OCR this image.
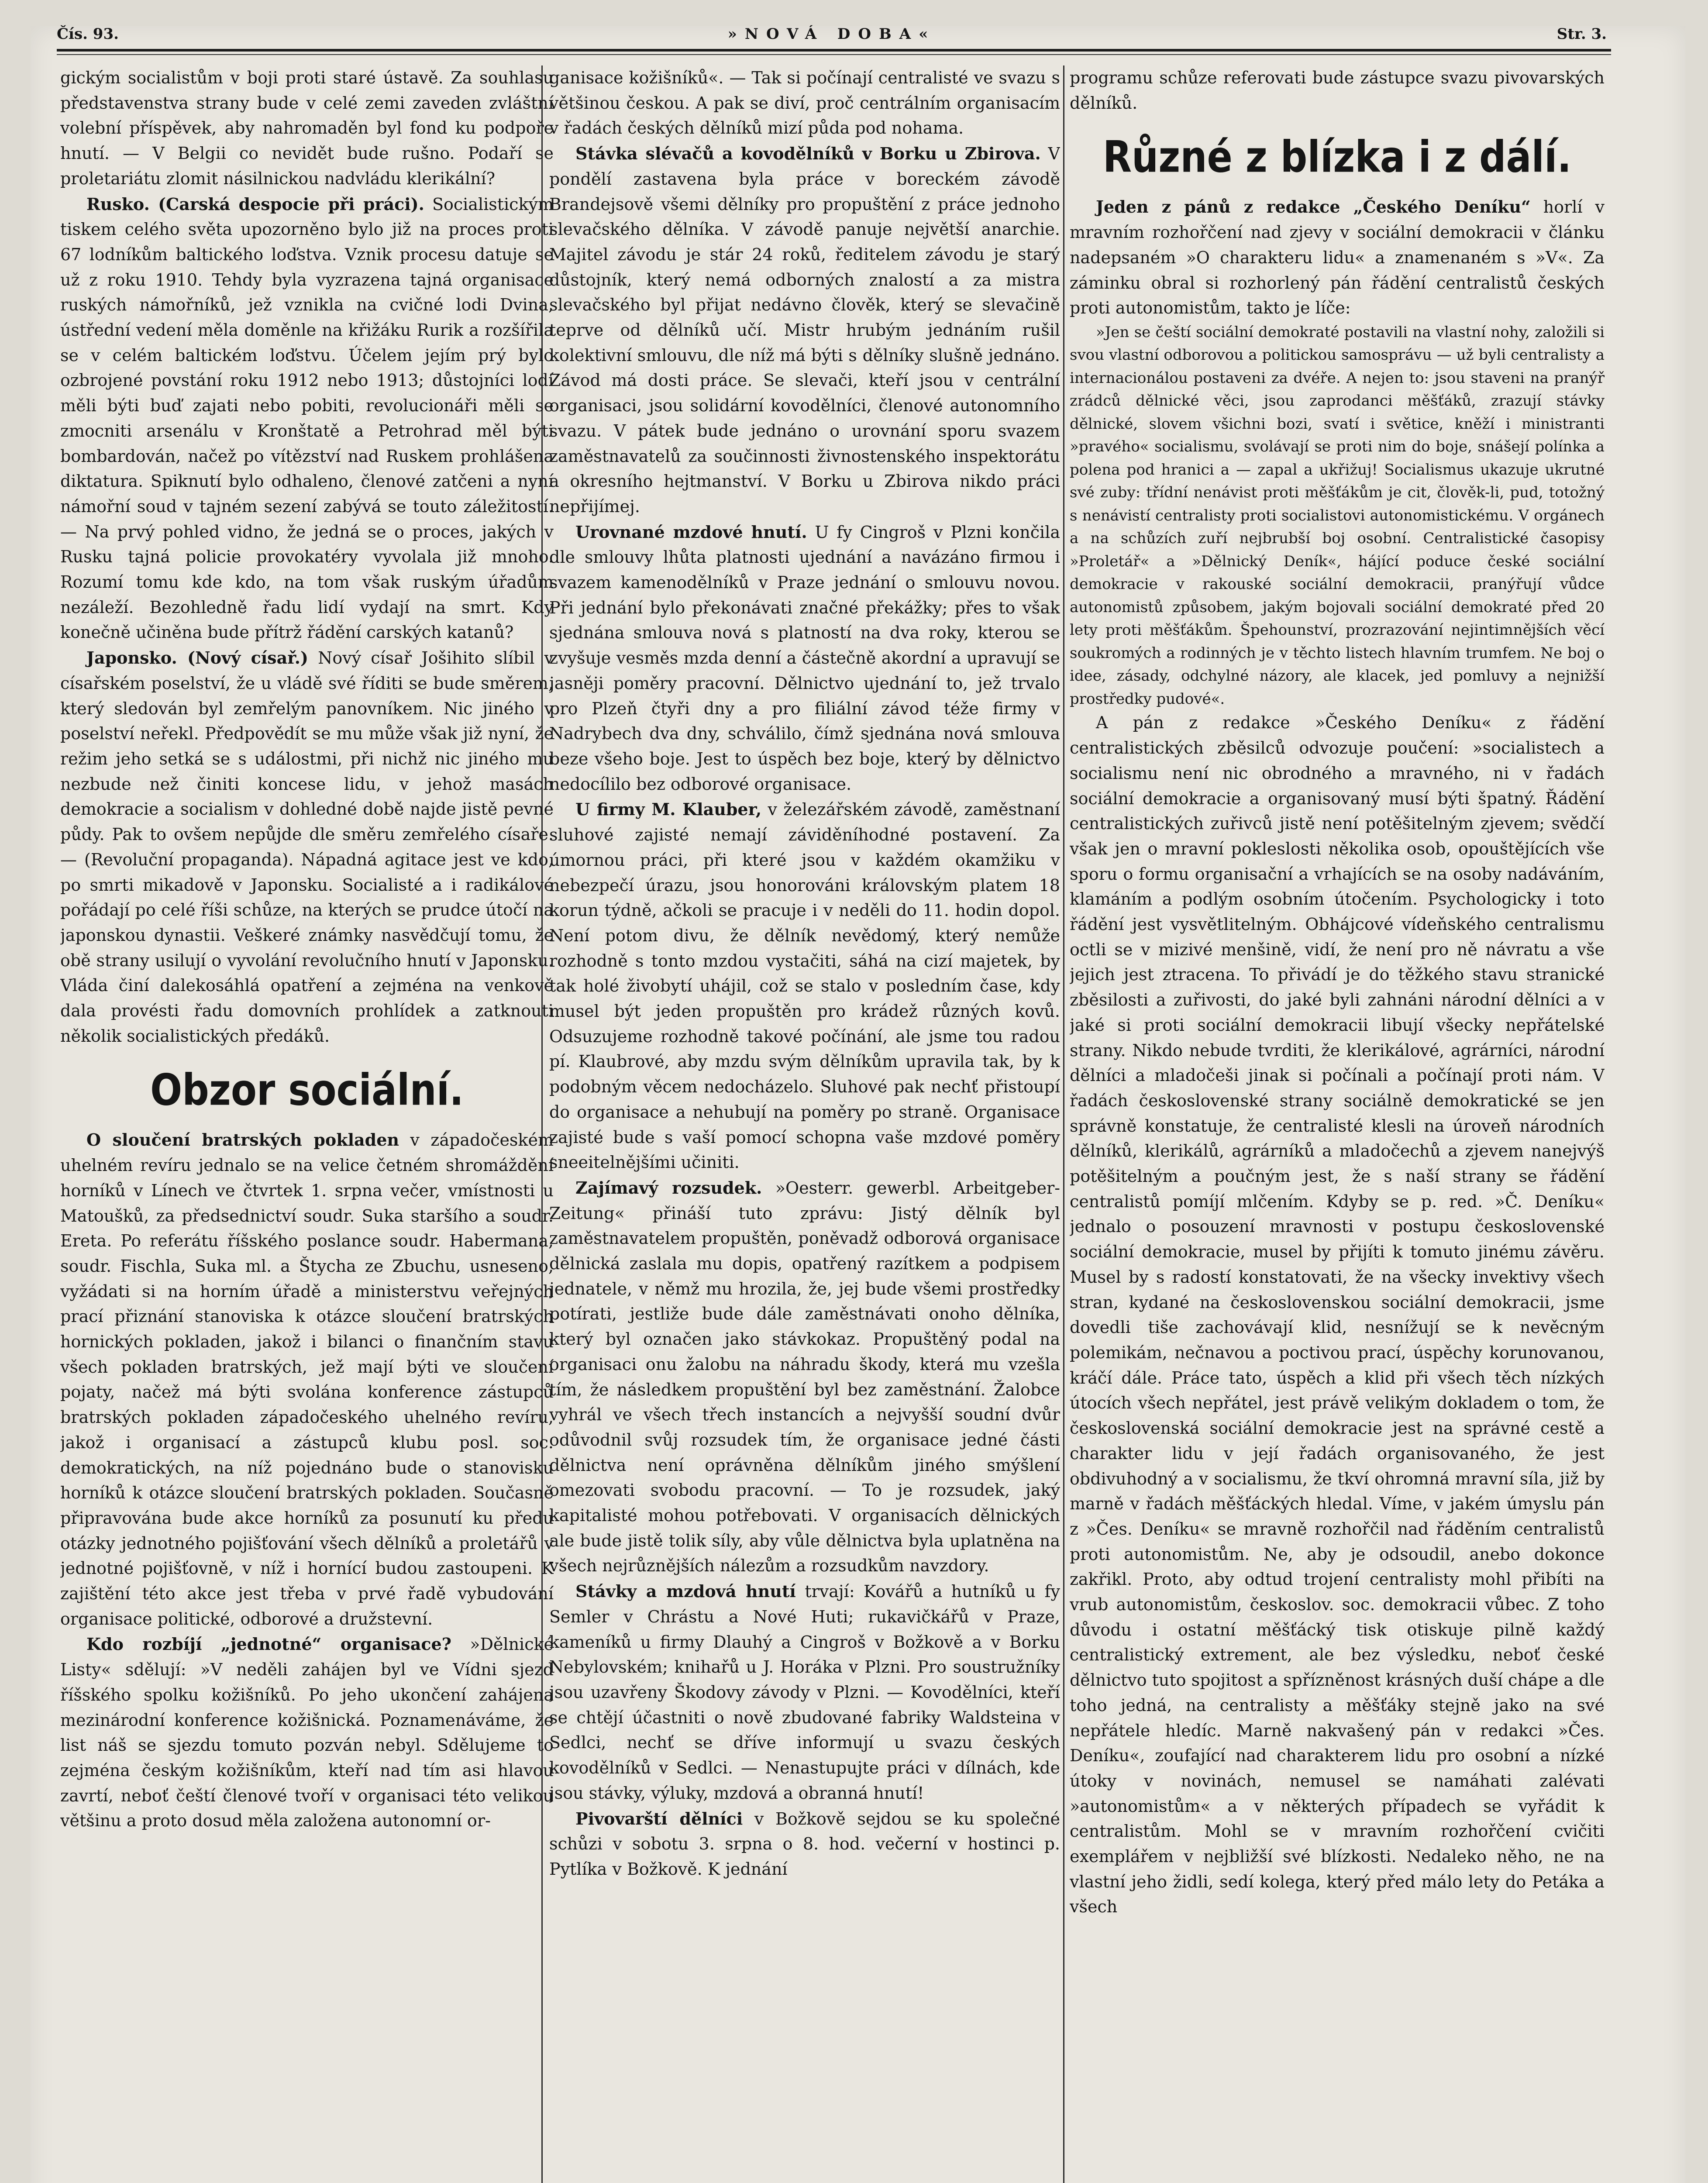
Čís. 93.	»NOVÁ DOBA«	Str. 3.

gickým socialistům v boji proti staré ústavě. Za souhlasu představenstva strany bude v celé zemi zaveden zvláštní volební příspěvek, aby nahromaděn byl fond ku podpoře hnutí. — V Belgii co nevidět bude rušno. Podaří se proletariátu zlomit násilnickou nadvládu klerikální?

Rusko. (Carská despocie při práci). Socialistickým tiskem celého světa upozorněno bylo již na proces proti 67 lodníkům baltického loďstva. Vznik procesu datuje se už z roku 1910. Tehdy byla vyzrazena tajná organisace ruských námořníků, jež vznikla na cvičné lodi Dvina, ústřední vedení měla doměnle na křižáku Rurik a rozšířila se v celém baltickém loďstvu. Účelem jejím prý bylo ozbrojené povstání roku 1912 nebo 1913; důstojníci lodí měli býti buď zajati nebo pobiti, revolucionáři měli se zmocniti arsenálu v Kronštatě a Petrohrad měl býti bombardován, načež po vítězství nad Ruskem prohlášena diktatura. Spiknutí bylo odhaleno, členové zatčeni a nyní námořní soud v tajném sezení zabývá se touto záležitostí. — Na prvý pohled vidno, že jedná se o proces, jakých v Rusku tajná policie provokatéry vyvolala již mnoho. Rozumí tomu kde kdo, na tom však ruským úřadům nezáleží. Bezohledně řadu lidí vydají na smrt. Kdy konečně učiněna bude přítrž řádění carských katanů?

Japonsko. (Nový císař.) Nový císař Jošihito slíbil v císařském poselství, že u vládě své říditi se bude směrem, který sledován byl zemřelým panovníkem. Nic jiného v poselství neřekl. Předpovědít se mu může však již nyní, že režim jeho setká se s událostmi, při nichž nic jiného mu nezbude než činiti koncese lidu, v jehož masách demokracie a socialism v dohledné době najde jistě pevné půdy. Pak to ovšem nepůjde dle směru zemřelého císaře. — (Revoluční propaganda). Nápadná agitace jest ve kdo, po smrti mikadově v Japonsku. Socialisté a i radikálové pořádají po celé říši schůze, na kterých se prudce útočí na japonskou dynastii. Veškeré známky nasvědčují tomu, že obě strany usilují o vyvolání revolučního hnutí v Japonsku. Vláda činí dalekosáhlá opatření a zejména na venkově dala provésti řadu domovních prohlídek a zatknouti několik socialistických předáků.

Obzor sociální.

O sloučení bratrských pokladen v západočeském uhelném revíru jednalo se na velice četném shromáždění horníků v Línech ve čtvrtek 1. srpna večer, vmístnosti u Matoušků, za předsednictví soudr. Suka staršího a soudr. Ereta. Po referátu říšského poslance soudr. Habermana, soudr. Fischla, Suka ml. a Štycha ze Zbuchu, usneseno, vyžádati si na horním úřadě a ministerstvu veřejných prací přiznání stanoviska k otázce sloučení bratrských hornických pokladen, jakož i bilanci o finančním stavu všech pokladen bratrských, jež mají býti ve sloučení pojaty, načež má býti svolána konference zástupců bratrských pokladen západočeského uhelného revíru, jakož i organisací a zástupců klubu posl. soc. demokratických, na níž pojednáno bude o stanovisku horníků k otázce sloučení bratrských pokladen. Současně připravována bude akce horníků za posunutí ku předu otázky jednotného pojišťování všech dělníků a proletářů v jednotné pojišťovně, v níž i hornící budou zastoupeni. K zajištění této akce jest třeba v prvé řadě vybudování organisace politické, odborové a družstevní.

Kdo rozbíjí „jednotné“ organisace? »Dělnické Listy« sdělují: »V neděli zahájen byl ve Vídni sjezd říšského spolku kožišníků. Po jeho ukončení zahájena mezinárodní konference kožišnická. Poznamenáváme, že list náš se sjezdu tomuto pozván nebyl. Sdělujeme to zejména českým kožišníkům, kteří nad tím asi hlavou zavrtí, neboť čeští členové tvoří v organisaci této velikou většinu a proto dosud měla založena autonomní or-

ganisace kožišníků«. — Tak si počínají centralisté ve svazu s většinou českou. A pak se diví, proč centrálním organisacím v řadách českých dělníků mizí půda pod nohama.

Stávka slévačů a kovodělníků v Borku u Zbirova. V pondělí zastavena byla práce v boreckém závodě Brandejsově všemi dělníky pro propuštění z práce jednoho slevačského dělníka. V závodě panuje největší anarchie. Majitel závodu je stár 24 roků, ředitelem závodu je starý důstojník, který nemá odborných znalostí a za mistra slevačského byl přijat nedávno člověk, který se slevačině teprve od dělníků učí. Mistr hrubým jednáním rušil kolektivní smlouvu, dle níž má býti s dělníky slušně jednáno. Závod má dosti práce. Se slevači, kteří jsou v centrální organisaci, jsou solidární kovodělníci, členové autonomního svazu. V pátek bude jednáno o urovnání sporu svazem zaměstnavatelů za součinnosti živnostenského inspektorátu a okresního hejtmanství. V Borku u Zbirova nikdo práci nepřijímej.

Urovnané mzdové hnutí. U fy Cingroš v Plzni končila dle smlouvy lhůta platnosti ujednání a navázáno firmou i svazem kamenodělníků v Praze jednání o smlouvu novou. Při jednání bylo překonávati značné překážky; přes to však sjednána smlouva nová s platností na dva roky, kterou se zvyšuje vesměs mzda denní a částečně akordní a upravují se jasněji poměry pracovní. Dělnictvo ujednání to, jež trvalo pro Plzeň čtyři dny a pro filiální závod téže firmy v Nadrybech dva dny, schválilo, čímž sjednána nová smlouva beze všeho boje. Jest to úspěch bez boje, který by dělnictvo nedocílilo bez odborové organisace.

U firmy M. Klauber, v železářském závodě, zaměstnaní sluhové zajisté nemají záviděníhodné postavení. Za úmornou práci, při které jsou v každém okamžiku v nebezpečí úrazu, jsou honorováni královským platem 18 korun týdně, ačkoli se pracuje i v neděli do 11. hodin dopol. Není potom divu, že dělník nevědomý, který nemůže rozhodně s tonto mzdou vystačiti, sáhá na cizí majetek, by tak holé živobytí uhájil, což se stalo v posledním čase, kdy musel být jeden propuštěn pro krádež různých kovů. Odsuzujeme rozhodně takové počínání, ale jsme tou radou pí. Klaubrové, aby mzdu svým dělníkům upravila tak, by k podobným věcem nedocházelo. Sluhové pak nechť přistoupí do organisace a nehubují na poměry po straně. Organisace zajisté bude s vaší pomocí schopna vaše mzdové poměry sneeitelnějšími učiniti.

Zajímavý rozsudek. »Oesterr. gewerbl. Arbeitgeber-Zeitung« přináší tuto zprávu: Jistý dělník byl zaměstnavatelem propuštěn, poněvadž odborová organisace dělnická zaslala mu dopis, opatřený razítkem a podpisem jednatele, v němž mu hrozila, že, jej bude všemi prostředky potírati, jestliže bude dále zaměstnávati onoho dělníka, který byl označen jako stávkokaz. Propuštěný podal na organisaci onu žalobu na náhradu škody, která mu vzešla tím, že následkem propuštění byl bez zaměstnání. Žalobce vyhrál ve všech třech instancích a nejvyšší soudní dvůr odůvodnil svůj rozsudek tím, že organisace jedné části dělnictva není oprávněna dělníkům jiného smýšlení omezovati svobodu pracovní. — To je rozsudek, jaký kapitalisté mohou potřebovati. V organisacích dělnických ale bude jistě tolik síly, aby vůle dělnictva byla uplatněna na všech nejrůznějších nálezům a rozsudkům navzdory.

Stávky a mzdová hnutí trvají: Kovářů a hutníků u fy Semler v Chrástu a Nové Huti; rukavičkářů v Praze, kameníků u firmy Dlauhý a Cingroš v Božkově a v Borku Nebylovském; knihařů u J. Horáka v Plzni. Pro soustružníky jsou uzavřeny Škodovy závody v Plzni. — Kovodělníci, kteří se chtějí účastniti o nově zbudované fabriky Waldsteina v Sedlci, nechť se dříve informují u svazu českých kovodělníků v Sedlci. — Nenastupujte práci v dílnách, kde jsou stávky, výluky, mzdová a obranná hnutí!

Pivovarští dělníci v Božkově sejdou se ku společné schůzi v sobotu 3. srpna o 8. hod. večerní v hostinci p. Pytlíka v Božkově. K jednání

programu schůze referovati bude zástupce svazu pivovarských dělníků.

Různé z blízka i z dálí.

Jeden z pánů z redakce „Českého Deníku“ horlí v mravním rozhořčení nad zjevy v sociální demokracii v článku nadepsaném »O charakteru lidu« a znamenaném s »V«. Za záminku obral si rozhorlený pán řádění centralistů českých proti autonomistům, takto je líče:

»Jen se čeští sociální demokraté postavili na vlastní nohy, založili si svou vlastní odborovou a politickou samosprávu — už byli centralisty a internacionálou postaveni za dvéře. A nejen to: jsou staveni na pranýř zrádců dělnické věci, jsou zaprodanci měšťáků, zrazují stávky dělnické, slovem všichni bozi, svatí i světice, kněží i ministranti »pravého« socialismu, svolávají se proti nim do boje, snášejí polínka a polena pod hranici a — zapal a ukřižuj! Socialismus ukazuje ukrutné své zuby: třídní nenávist proti měšťákům je cit, člověk-li, pud, totožný s nenávistí centralisty proti socialistovi autonomistickému. V orgánech a na schůzích zuří nejbrubší boj osobní. Centralistické časopisy »Proletář« a »Dělnický Deník«, hájící poduce české sociální demokracie v rakouské sociální demokracii, pranýřují vůdce autonomistů způsobem, jakým bojovali sociální demokraté před 20 lety proti měšťákům. Špehounství, prozrazování nejintimnějších věcí soukromých a rodinných je v těchto listech hlavním trumfem. Ne boj o idee, zásady, odchylné názory, ale klacek, jed pomluvy a nejnižší prostředky pudové«.

A pán z redakce »Českého Deníku« z řádění centralistických zběsilců odvozuje poučení: »socialistech a socialismu není nic obrodného a mravného, ni v řadách sociální demokracie a organisovaný musí býti špatný. Řádění centralistických zuřivců jistě není potěšitelným zjevem; svědčí však jen o mravní pokleslosti několika osob, opouštějících vše sporu o formu organisační a vrhajících se na osoby nadáváním, klamáním a podlým osobním útočením. Psychologicky i toto řádění jest vysvětlitelným. Obhájcové vídeňského centralismu octli se v mizivé menšině, vidí, že není pro ně návratu a vše jejich jest ztracena. To přivádí je do těžkého stavu stranické zběsilosti a zuřivosti, do jaké byli zahnáni národní dělníci a v jaké si proti sociální demokracii libují všecky nepřátelské strany. Nikdo nebude tvrditi, že klerikálové, agrárníci, národní dělníci a mladočeši jinak si počínali a počínají proti nám. V řadách československé strany sociálně demokratické se jen správně konstatuje, že centralisté klesli na úroveň národních dělníků, klerikálů, agrárníků a mladočechů a zjevem nanejvýš potěšitelným a poučným jest, že s naší strany se řádění centralistů pomíjí mlčením. Kdyby se p. red. »Č. Deníku« jednalo o posouzení mravnosti v postupu československé sociální demokracie, musel by přijíti k tomuto jinému závěru. Musel by s radostí konstatovati, že na všecky invektivy všech stran, kydané na československou sociální demokracii, jsme dovedli tiše zachovávají klid, nesnížují se k nevěcným polemikám, nečnavou a poctivou prací, úspěchy korunovanou, kráčí dále. Práce tato, úspěch a klid při všech těch nízkých útocích všech nepřátel, jest právě velikým dokladem o tom, že československá sociální demokracie jest na správné cestě a charakter lidu v její řadách organisovaného, že jest obdivuhodný a v socialismu, že tkví ohromná mravní síla, již by marně v řadách měšťáckých hledal. Víme, v jakém úmyslu pán z »Čes. Deníku« se mravně rozhořčil nad řáděním centralistů proti autonomistům. Ne, aby je odsoudil, anebo dokonce zakřikl. Proto, aby odtud trojení centralisty mohl přibíti na vrub autonomistům, českoslov. soc. demokracii vůbec. Z toho důvodu i ostatní měšťácký tisk otiskuje pilně každý centralistický extrement, ale bez výsledku, neboť české dělnictvo tuto spojitost a spřízněnost krásných duší chápe a dle toho jedná, na centralisty a měšťáky stejně jako na své nepřátele hledíc. Marně nakvašený pán v redakci »Čes. Deníku«, zoufající nad charakterem lidu pro osobní a nízké útoky v novinách, nemusel se namáhati zalévati »autonomistům« a v některých případech se vyřádit k centralistům. Mohl se v mravním rozhořčení cvičiti exemplářem v nejbližší své blízkosti. Nedaleko něho, ne na vlastní jeho židli, sedí kolega, který před málo lety do Petáka a všech
